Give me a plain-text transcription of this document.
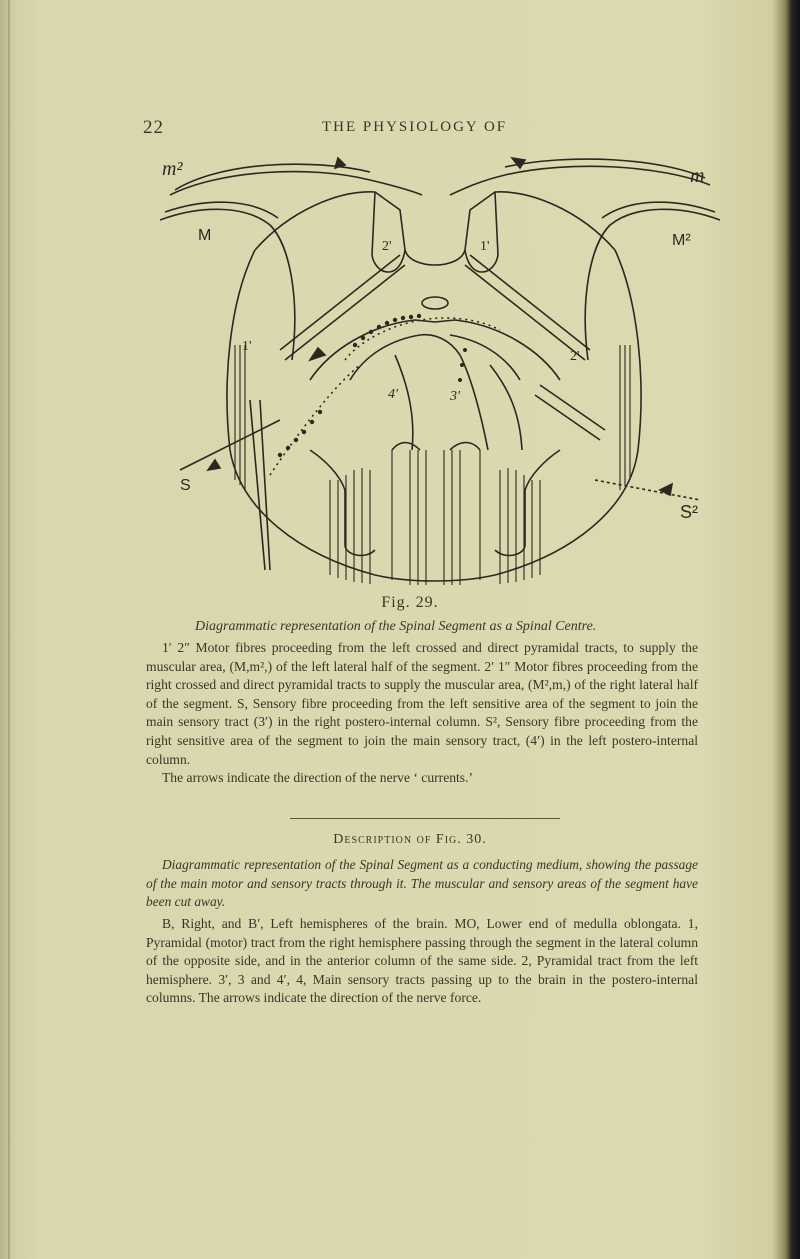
22	THE PHYSIOLOGY OF
m²	m
M	M²
2'	1'
1'
2'
4'	3'
S
S²
Fig. 29.
Diagrammatic representation of the Spinal Segment as a Spinal Centre.

1′ 2″ Motor fibres proceeding from the left crossed and direct pyramidal tracts, to supply the muscular area, (M,m²,) of the left lateral half of the segment. 2′ 1″ Motor fibres proceeding from the right crossed and direct pyramidal tracts to supply the muscular area, (M²,m,) of the right lateral half of the segment. S, Sensory fibre proceeding from the left sensitive area of the segment to join the main sensory tract (3′) in the right postero-internal column. S², Sensory fibre proceeding from the right sensitive area of the segment to join the main sensory tract, (4′) in the left postero-internal column.

The arrows indicate the direction of the nerve ‘ currents.’

Description of Fig. 30.
Diagrammatic representation of the Spinal Segment as a conducting medium, showing the passage of the main motor and sensory tracts through it. The muscular and sensory areas of the segment have been cut away.

B, Right, and B′, Left hemispheres of the brain. MO, Lower end of medulla oblongata. 1, Pyramidal (motor) tract from the right hemisphere passing through the segment in the lateral column of the opposite side, and in the anterior column of the same side. 2, Pyramidal tract from the left hemisphere. 3′, 3 and 4′, 4, Main sensory tracts passing up to the brain in the postero-internal columns. The arrows indicate the direction of the nerve force.
